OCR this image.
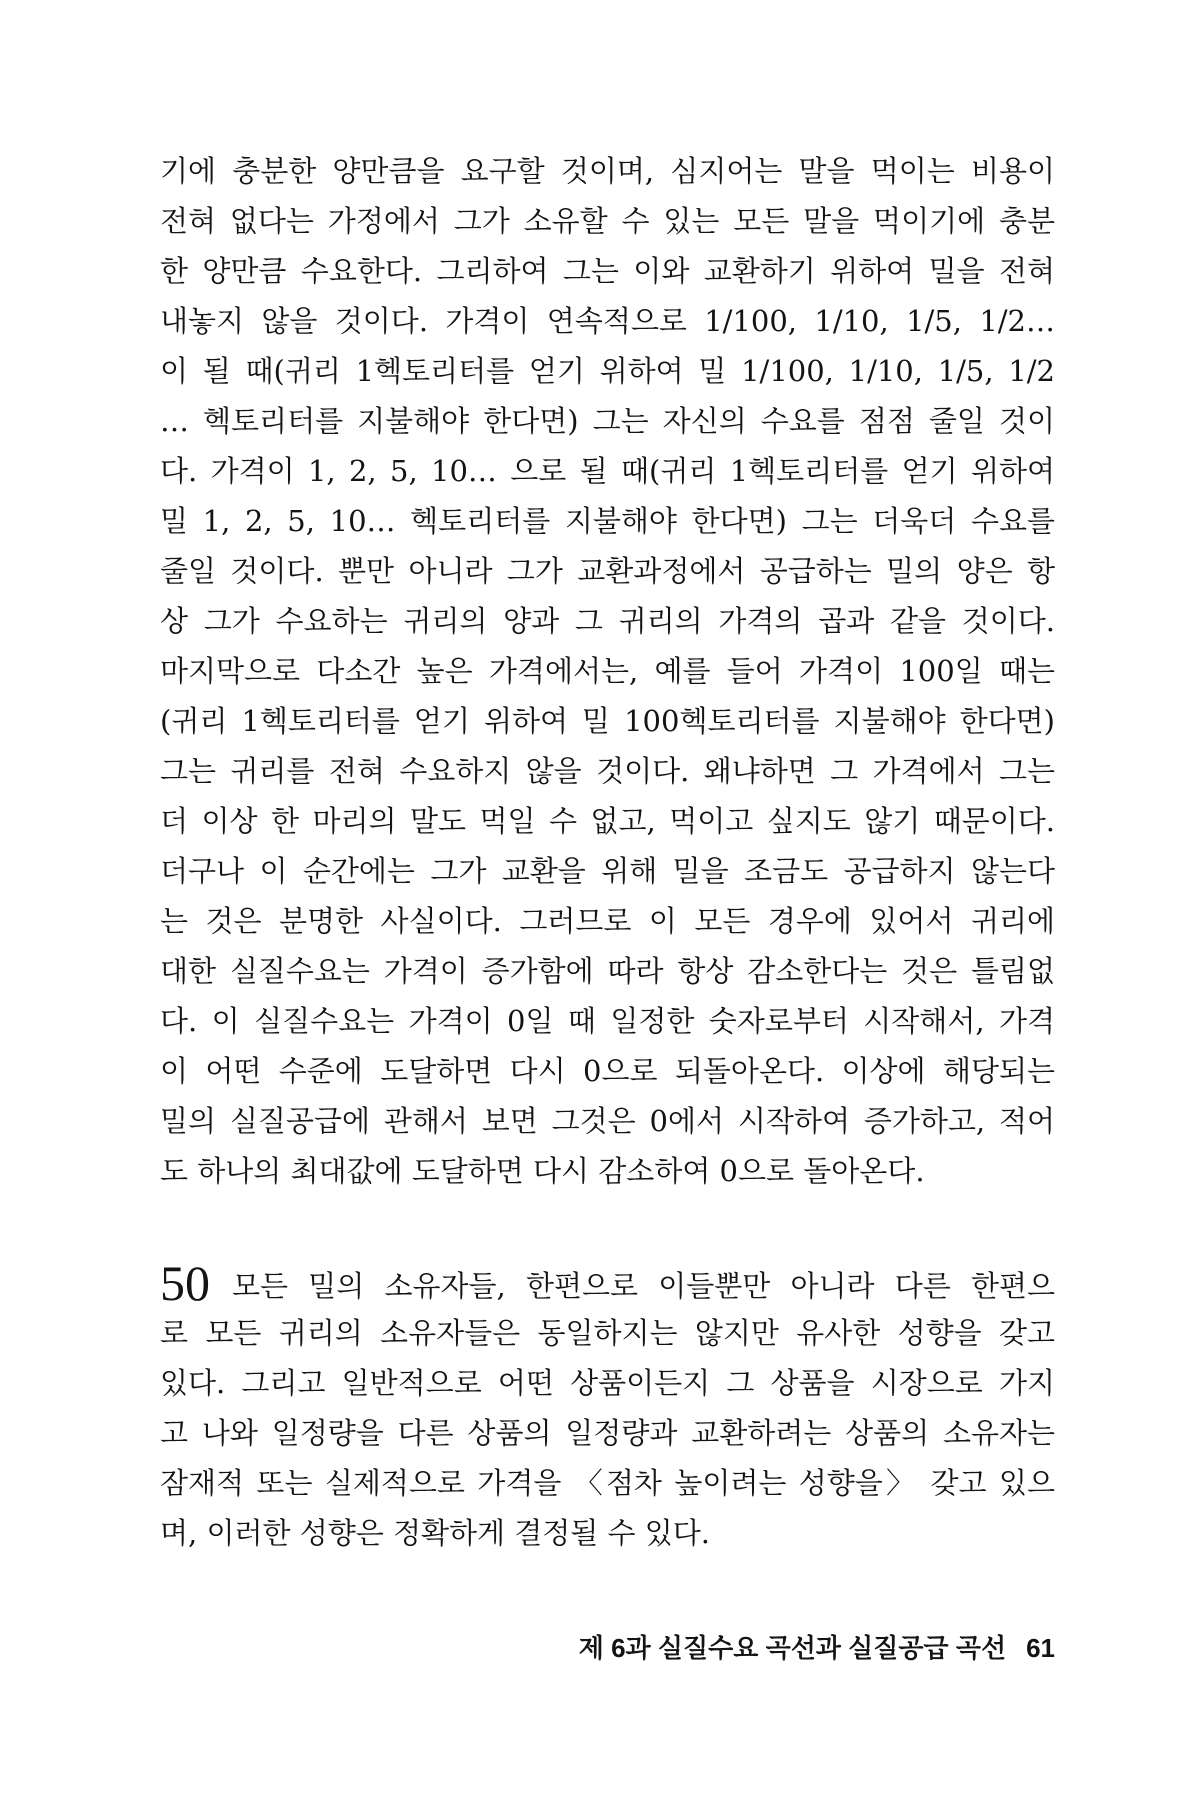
기에 충분한 양만큼을 요구할 것이며, 심지어는 말을 먹이는 비용이
전혀 없다는 가정에서 그가 소유할 수 있는 모든 말을 먹이기에 충분
한 양만큼 수요한다. 그리하여 그는 이와 교환하기 위하여 밀을 전혀
내놓지 않을 것이다. 가격이 연속적으로 1/100, 1/10, 1/5, 1/2…
이 될 때(귀리 1헥토리터를 얻기 위하여 밀 1/100, 1/10, 1/5, 1/2
… 헥토리터를 지불해야 한다면) 그는 자신의 수요를 점점 줄일 것이
다. 가격이 1, 2, 5, 10… 으로 될 때(귀리 1헥토리터를 얻기 위하여
밀 1, 2, 5, 10… 헥토리터를 지불해야 한다면) 그는 더욱더 수요를
줄일 것이다. 뿐만 아니라 그가 교환과정에서 공급하는 밀의 양은 항
상 그가 수요하는 귀리의 양과 그 귀리의 가격의 곱과 같을 것이다.
마지막으로 다소간 높은 가격에서는, 예를 들어 가격이 100일 때는
(귀리 1헥토리터를 얻기 위하여 밀 100헥토리터를 지불해야 한다면)
그는 귀리를 전혀 수요하지 않을 것이다. 왜냐하면 그 가격에서 그는
더 이상 한 마리의 말도 먹일 수 없고, 먹이고 싶지도 않기 때문이다.
더구나 이 순간에는 그가 교환을 위해 밀을 조금도 공급하지 않는다
는 것은 분명한 사실이다. 그러므로 이 모든 경우에 있어서 귀리에
대한 실질수요는 가격이 증가함에 따라 항상 감소한다는 것은 틀림없
다. 이 실질수요는 가격이 0일 때 일정한 숫자로부터 시작해서, 가격
이 어떤 수준에 도달하면 다시 0으로 되돌아온다. 이상에 해당되는
밀의 실질공급에 관해서 보면 그것은 0에서 시작하여 증가하고, 적어
도 하나의 최대값에 도달하면 다시 감소하여 0으로 돌아온다.
50 모든 밀의 소유자들, 한편으로 이들뿐만 아니라 다른 한편으
로 모든 귀리의 소유자들은 동일하지는 않지만 유사한 성향을 갖고
있다. 그리고 일반적으로 어떤 상품이든지 그 상품을 시장으로 가지
고 나와 일정량을 다른 상품의 일정량과 교환하려는 상품의 소유자는
잠재적 또는 실제적으로 가격을 〈점차 높이려는 성향을〉 갖고 있으
며, 이러한 성향은 정확하게 결정될 수 있다.
제 6과 실질수요 곡선과 실질공급 곡선 61
